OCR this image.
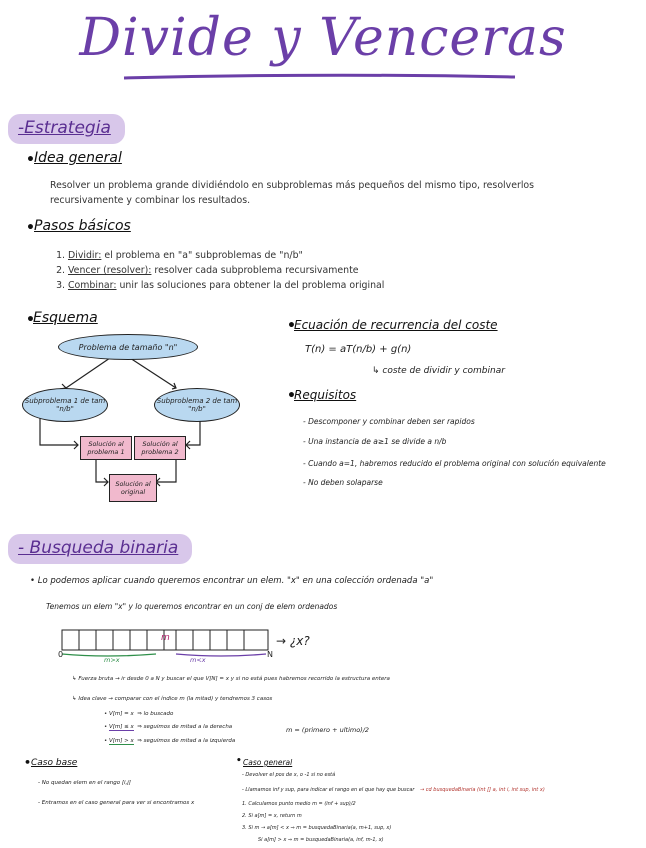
Divide y Venceras
-Estrategia
• Idea general
Resolver un problema grande dividiéndolo en subproblemas más pequeños del mismo tipo, resolverlos recursivamente y combinar los resultados.
• Pasos básicos
1. Dividir: el problema en "a" subproblemas de "n/b"
2. Vencer (resolver): resolver cada subproblema recursivamente
3. Combinar: unir las soluciones para obtener la del problema original
•
Esquema
Problema de tamaño "n"
Subproblema 1 de tam "n/b"
Subproblema 2 de tam "n/b"
Solución al problema 1
Solución al problema 2
Solución al original
•
Ecuación de recurrencia del coste
T(n) = aT(n/b) + g(n)
↳ coste de dividir y combinar
•
Requisitos
- Descomponer y combinar deben ser rapidos
- Una instancia de a≥1 se divide a n/b
- Cuando a=1, habremos reducido el problema original con solución equivalente
- No deben solaparse
- Busqueda binaria
• Lo podemos aplicar cuando queremos encontrar un elem. "x" en una colección ordenada "a"
Tenemos un elem "x" y lo queremos encontrar en un conj de elem ordenados
m
0	N
m>x	m<x
→ ¿x?
↳ Fuerza bruta → ir desde 0 a N y buscar el que V[N] = x y si no está pues habremos recorrido la estructura entera
↳ Idea clave → comparar con el índice m (la mitad) y tendremos 3 casos
• V[m] = x ⇒ lo buscado
• V[m] ≤ x ⇒ seguimos de mitad a la derecha
• V[m] > x ⇒ seguimos de mitad a la izquierda
m = (primero + ultimo)/2
• Caso base
- No quedan elem en el rango [i,j]
- Entramos en el caso general para ver si encontramos x
• Caso general
- Devolver el pos de x, o -1 si no está
- Llamamos inf y sup, para indicar el rango en el que hay que buscar	→ cd busquedaBinaria (int [] a, int i, int sup, int x)
1. Calculamos punto medio m = (inf + sup)/2
2. Si a[m] = x, return m
3. Si m → a[m] < x ⇒ m = busquedaBinaria(a, m+1, sup, x)
Si a[m] > x ⇒ m = busquedaBinaria(a, inf, m-1, x)
